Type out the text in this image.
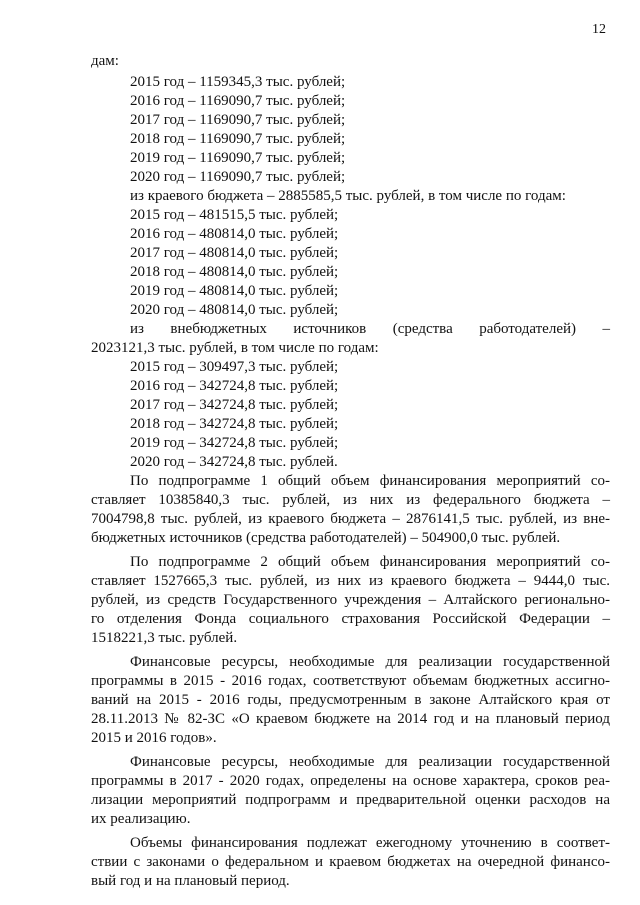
12
дам:
2015 год – 1159345,3 тыс. рублей;
2016 год – 1169090,7 тыс. рублей;
2017 год – 1169090,7 тыс. рублей;
2018 год – 1169090,7 тыс. рублей;
2019 год – 1169090,7 тыс. рублей;
2020 год – 1169090,7 тыс. рублей;
из краевого бюджета – 2885585,5 тыс. рублей, в том числе по годам:
2015 год – 481515,5 тыс. рублей;
2016 год – 480814,0 тыс. рублей;
2017 год – 480814,0 тыс. рублей;
2018 год – 480814,0 тыс. рублей;
2019 год – 480814,0 тыс. рублей;
2020 год – 480814,0 тыс. рублей;
из внебюджетных источников (средства работодателей) –
2023121,3 тыс. рублей, в том числе по годам:
2015 год – 309497,3 тыс. рублей;
2016 год – 342724,8 тыс. рублей;
2017 год – 342724,8 тыс. рублей;
2018 год – 342724,8 тыс. рублей;
2019 год – 342724,8 тыс. рублей;
2020 год – 342724,8 тыс. рублей.
По подпрограмме 1 общий объем финансирования мероприятий со-
ставляет 10385840,3 тыс. рублей, из них из федерального бюджета –
7004798,8 тыс. рублей, из краевого бюджета – 2876141,5 тыс. рублей, из вне-
бюджетных источников (средства работодателей) – 504900,0 тыс. рублей.
По подпрограмме 2 общий объем финансирования мероприятий со-
ставляет 1527665,3 тыс. рублей, из них из краевого бюджета – 9444,0 тыс.
рублей, из средств Государственного учреждения – Алтайского регионально-
го отделения Фонда социального страхования Российской Федерации –
1518221,3 тыс. рублей.
Финансовые ресурсы, необходимые для реализации государственной
программы в 2015 - 2016 годах, соответствуют объемам бюджетных ассигно-
ваний на 2015 - 2016 годы, предусмотренным в законе Алтайского края от
28.11.2013 № 82-ЗС «О краевом бюджете на 2014 год и на плановый период
2015 и 2016 годов».
Финансовые ресурсы, необходимые для реализации государственной
программы в 2017 - 2020 годах, определены на основе характера, сроков реа-
лизации мероприятий подпрограмм и предварительной оценки расходов на
их реализацию.
Объемы финансирования подлежат ежегодному уточнению в соответ-
ствии с законами о федеральном и краевом бюджетах на очередной финансо-
вый год и на плановый период.
